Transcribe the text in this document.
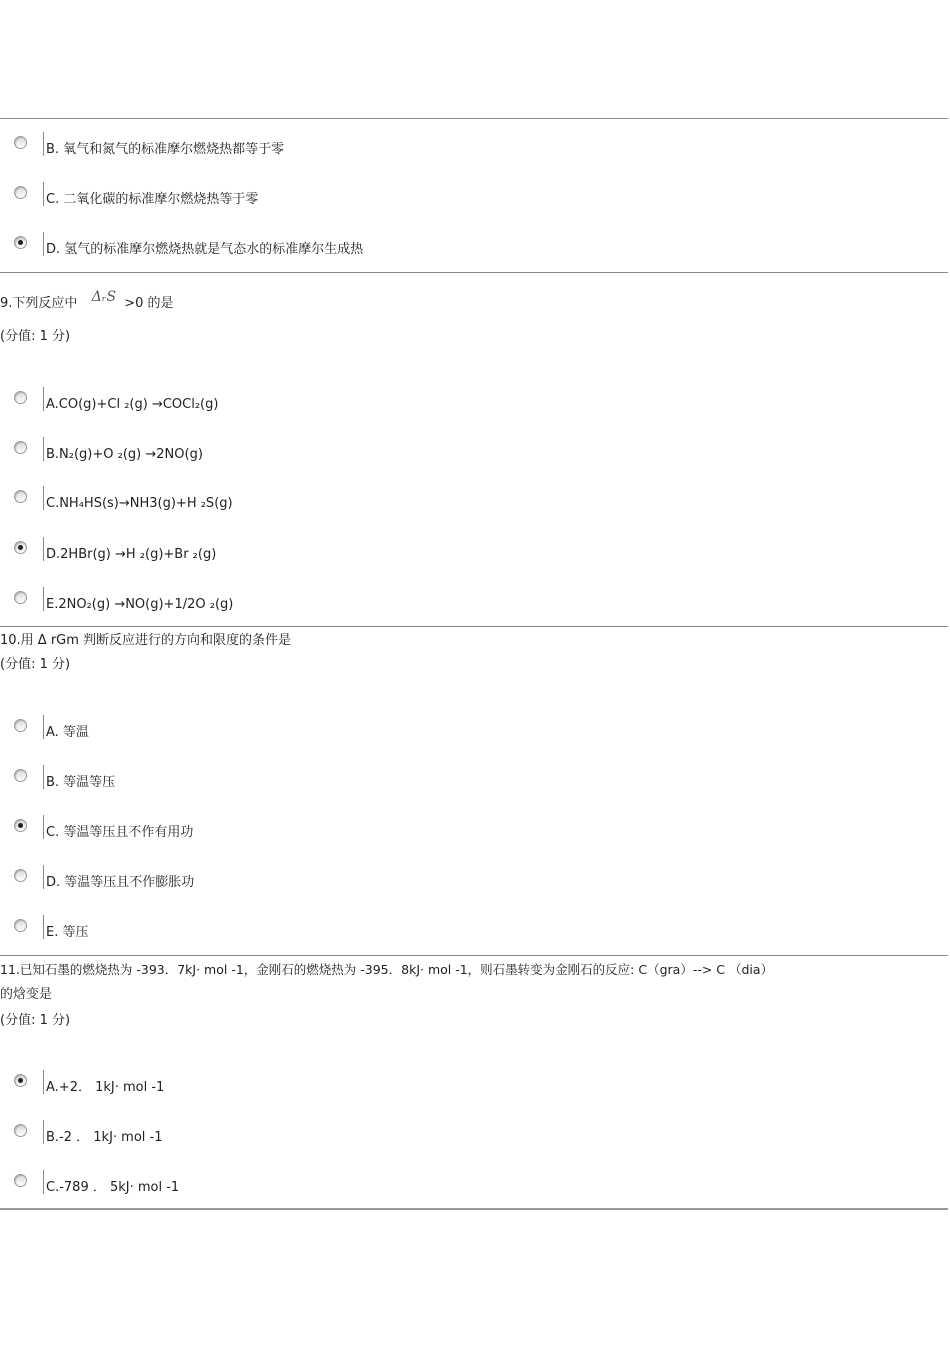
B. 氧气和氮气的标准摩尔燃烧热都等于零
C. 二氧化碳的标准摩尔燃烧热等于零
D. 氢气的标准摩尔燃烧热就是气态水的标准摩尔生成热
9.下列反应中 ΔᵣS >0 的是
(分值: 1 分)
A.CO(g)+Cl ₂(g) →COCl₂(g)
B.N₂(g)+O ₂(g) →2NO(g)
C.NH₄HS(s)→NH3(g)+H ₂S(g)
D.2HBr(g) →H ₂(g)+Br ₂(g)
E.2NO₂(g) →NO(g)+1/2O ₂(g)
10.用 Δ rGm 判断反应进行的方向和限度的条件是
(分值: 1 分)
A. 等温
B. 等温等压
C. 等温等压且不作有用功
D. 等温等压且不作膨胀功
E. 等压
11.已知石墨的燃烧热为 -393．7kJ· mol -1，金刚石的燃烧热为 -395．8kJ· mol -1，则石墨转变为金刚石的反应: C（gra）--> C （dia）
的焓变是
(分值: 1 分)
A.+2． 1kJ· mol -1
B.-2 ． 1kJ· mol -1
C.-789 ． 5kJ· mol -1
